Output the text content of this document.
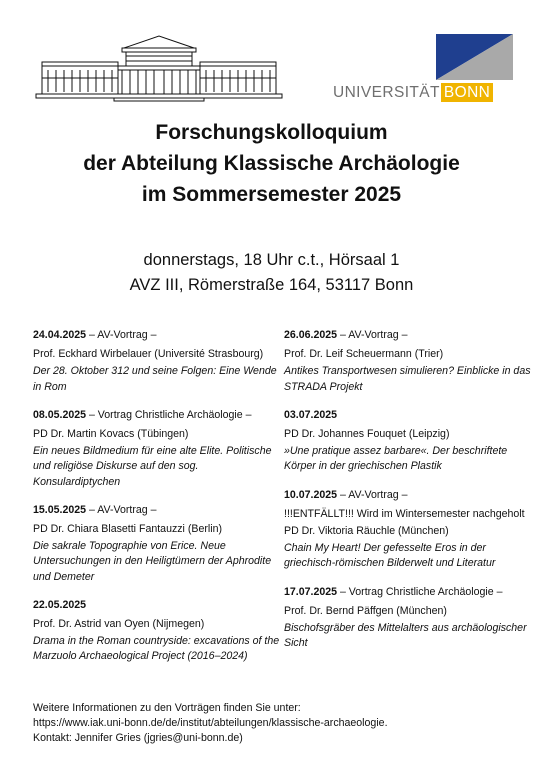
UNIVERSITÄT BONN
Forschungskolloquium
der Abteilung Klassische Archäologie
im Sommersemester 2025
donnerstags, 18 Uhr c.t., Hörsaal 1
AVZ III, Römerstraße 164, 53117 Bonn
24.04.2025 – AV-Vortrag –
Prof. Eckhard Wirbelauer (Université Strasbourg)
Der 28. Oktober 312 und seine Folgen: Eine Wende in Rom
08.05.2025 – Vortrag Christliche Archäologie –
PD Dr. Martin Kovacs (Tübingen)
Ein neues Bildmedium für eine alte Elite. Politische und religiöse Diskurse auf den sog. Konsulardiptychen
15.05.2025 – AV-Vortrag –
PD Dr. Chiara Blasetti Fantauzzi (Berlin)
Die sakrale Topographie von Erice. Neue Untersuchungen in den Heiligtümern der Aphrodite und Demeter
22.05.2025
Prof. Dr. Astrid van Oyen (Nijmegen)
Drama in the Roman countryside: excavations of the Marzuolo Archaeological Project (2016–2024)
26.06.2025 – AV-Vortrag –
Prof. Dr. Leif Scheuermann (Trier)
Antikes Transportwesen simulieren? Einblicke in das STRADA Projekt
03.07.2025
PD Dr. Johannes Fouquet (Leipzig)
»Une pratique assez barbare«. Der beschriftete Körper in der griechischen Plastik
10.07.2025 – AV-Vortrag –
!!!ENTFÄLLT!!! Wird im Wintersemester nachgeholt
PD Dr. Viktoria Räuchle (München)
Chain My Heart! Der gefesselte Eros in der griechisch-römischen Bilderwelt und Literatur
17.07.2025 – Vortrag Christliche Archäologie –
Prof. Dr. Bernd Päffgen (München)
Bischofsgräber des Mittelalters aus archäologischer Sicht
Weitere Informationen zu den Vorträgen finden Sie unter:
https://www.iak.uni-bonn.de/de/institut/abteilungen/klassische-archaeologie.
Kontakt: Jennifer Gries (jgries@uni-bonn.de)
